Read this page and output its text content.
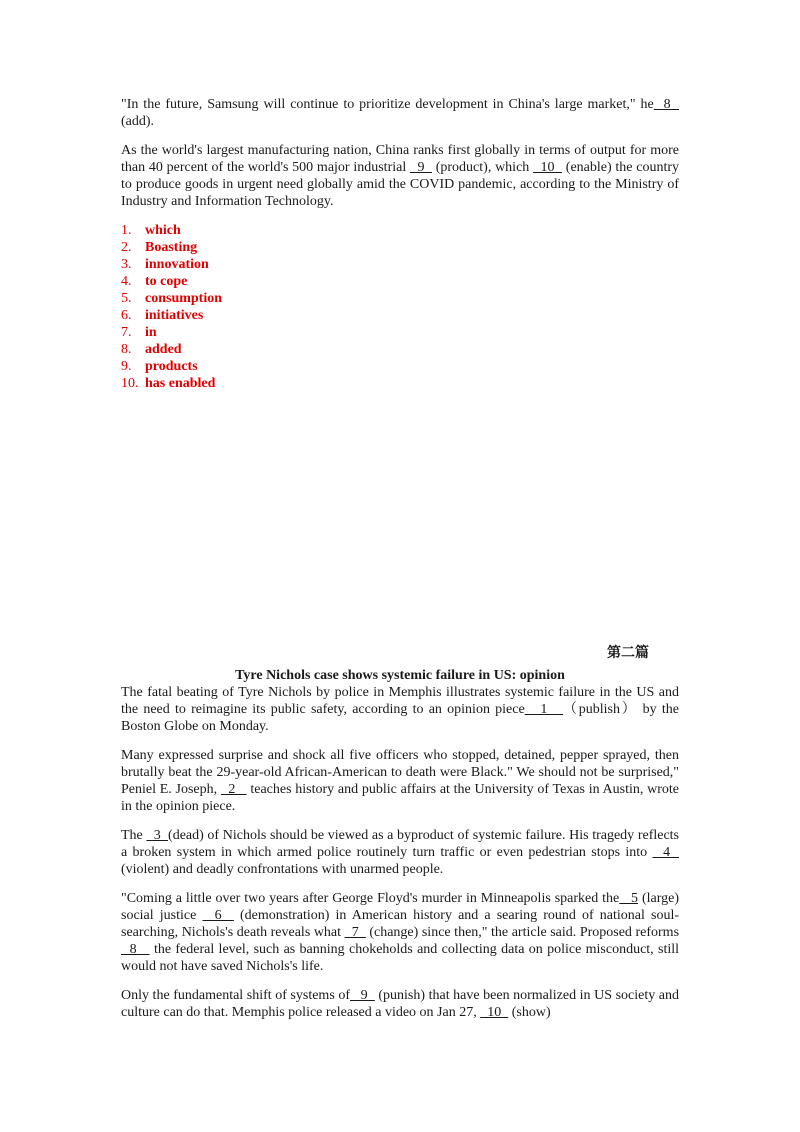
"In the future, Samsung will continue to prioritize development in China's large market," he  8   (add).

As the world's largest manufacturing nation, China ranks first globally in terms of output for more than 40 percent of the world's 500 major industrial   9   (product), which   10   (enable) the country to produce goods in urgent need globally amid the COVID pandemic, according to the Ministry of Industry and Information Technology.

1. which
2. Boasting
3. innovation
4. to cope
5. consumption
6. initiatives
7. in
8. added
9. products
10. has enabled
第二篇

Tyre Nichols case shows systemic failure in US: opinion

The fatal beating of Tyre Nichols by police in Memphis illustrates systemic failure in the US and the need to reimagine its public safety, according to an opinion piece   1   （publish） by the Boston Globe on Monday.

Many expressed surprise and shock all five officers who stopped, detained, pepper sprayed, then brutally beat the 29-year-old African-American to death were Black." We should not be surprised," Peniel E. Joseph,   2    teaches history and public affairs at the University of Texas in Austin, wrote in the opinion piece.

The   3  (dead) of Nichols should be viewed as a byproduct of systemic failure. His tragedy reflects a broken system in which armed police routinely turn traffic or even pedestrian stops into   4   (violent) and deadly confrontations with unarmed people.

"Coming a little over two years after George Floyd's murder in Minneapolis sparked the   5 (large) social justice   6   (demonstration) in American history and a searing round of national soul-searching, Nichols's death reveals what   7   (change) since then," the article said. Proposed reforms   8    the federal level, such as banning chokeholds and collecting data on police misconduct, still would not have saved Nichols's life.

Only the fundamental shift of systems of   9   (punish) that have been normalized in US society and culture can do that. Memphis police released a video on Jan 27,   10   (show)
